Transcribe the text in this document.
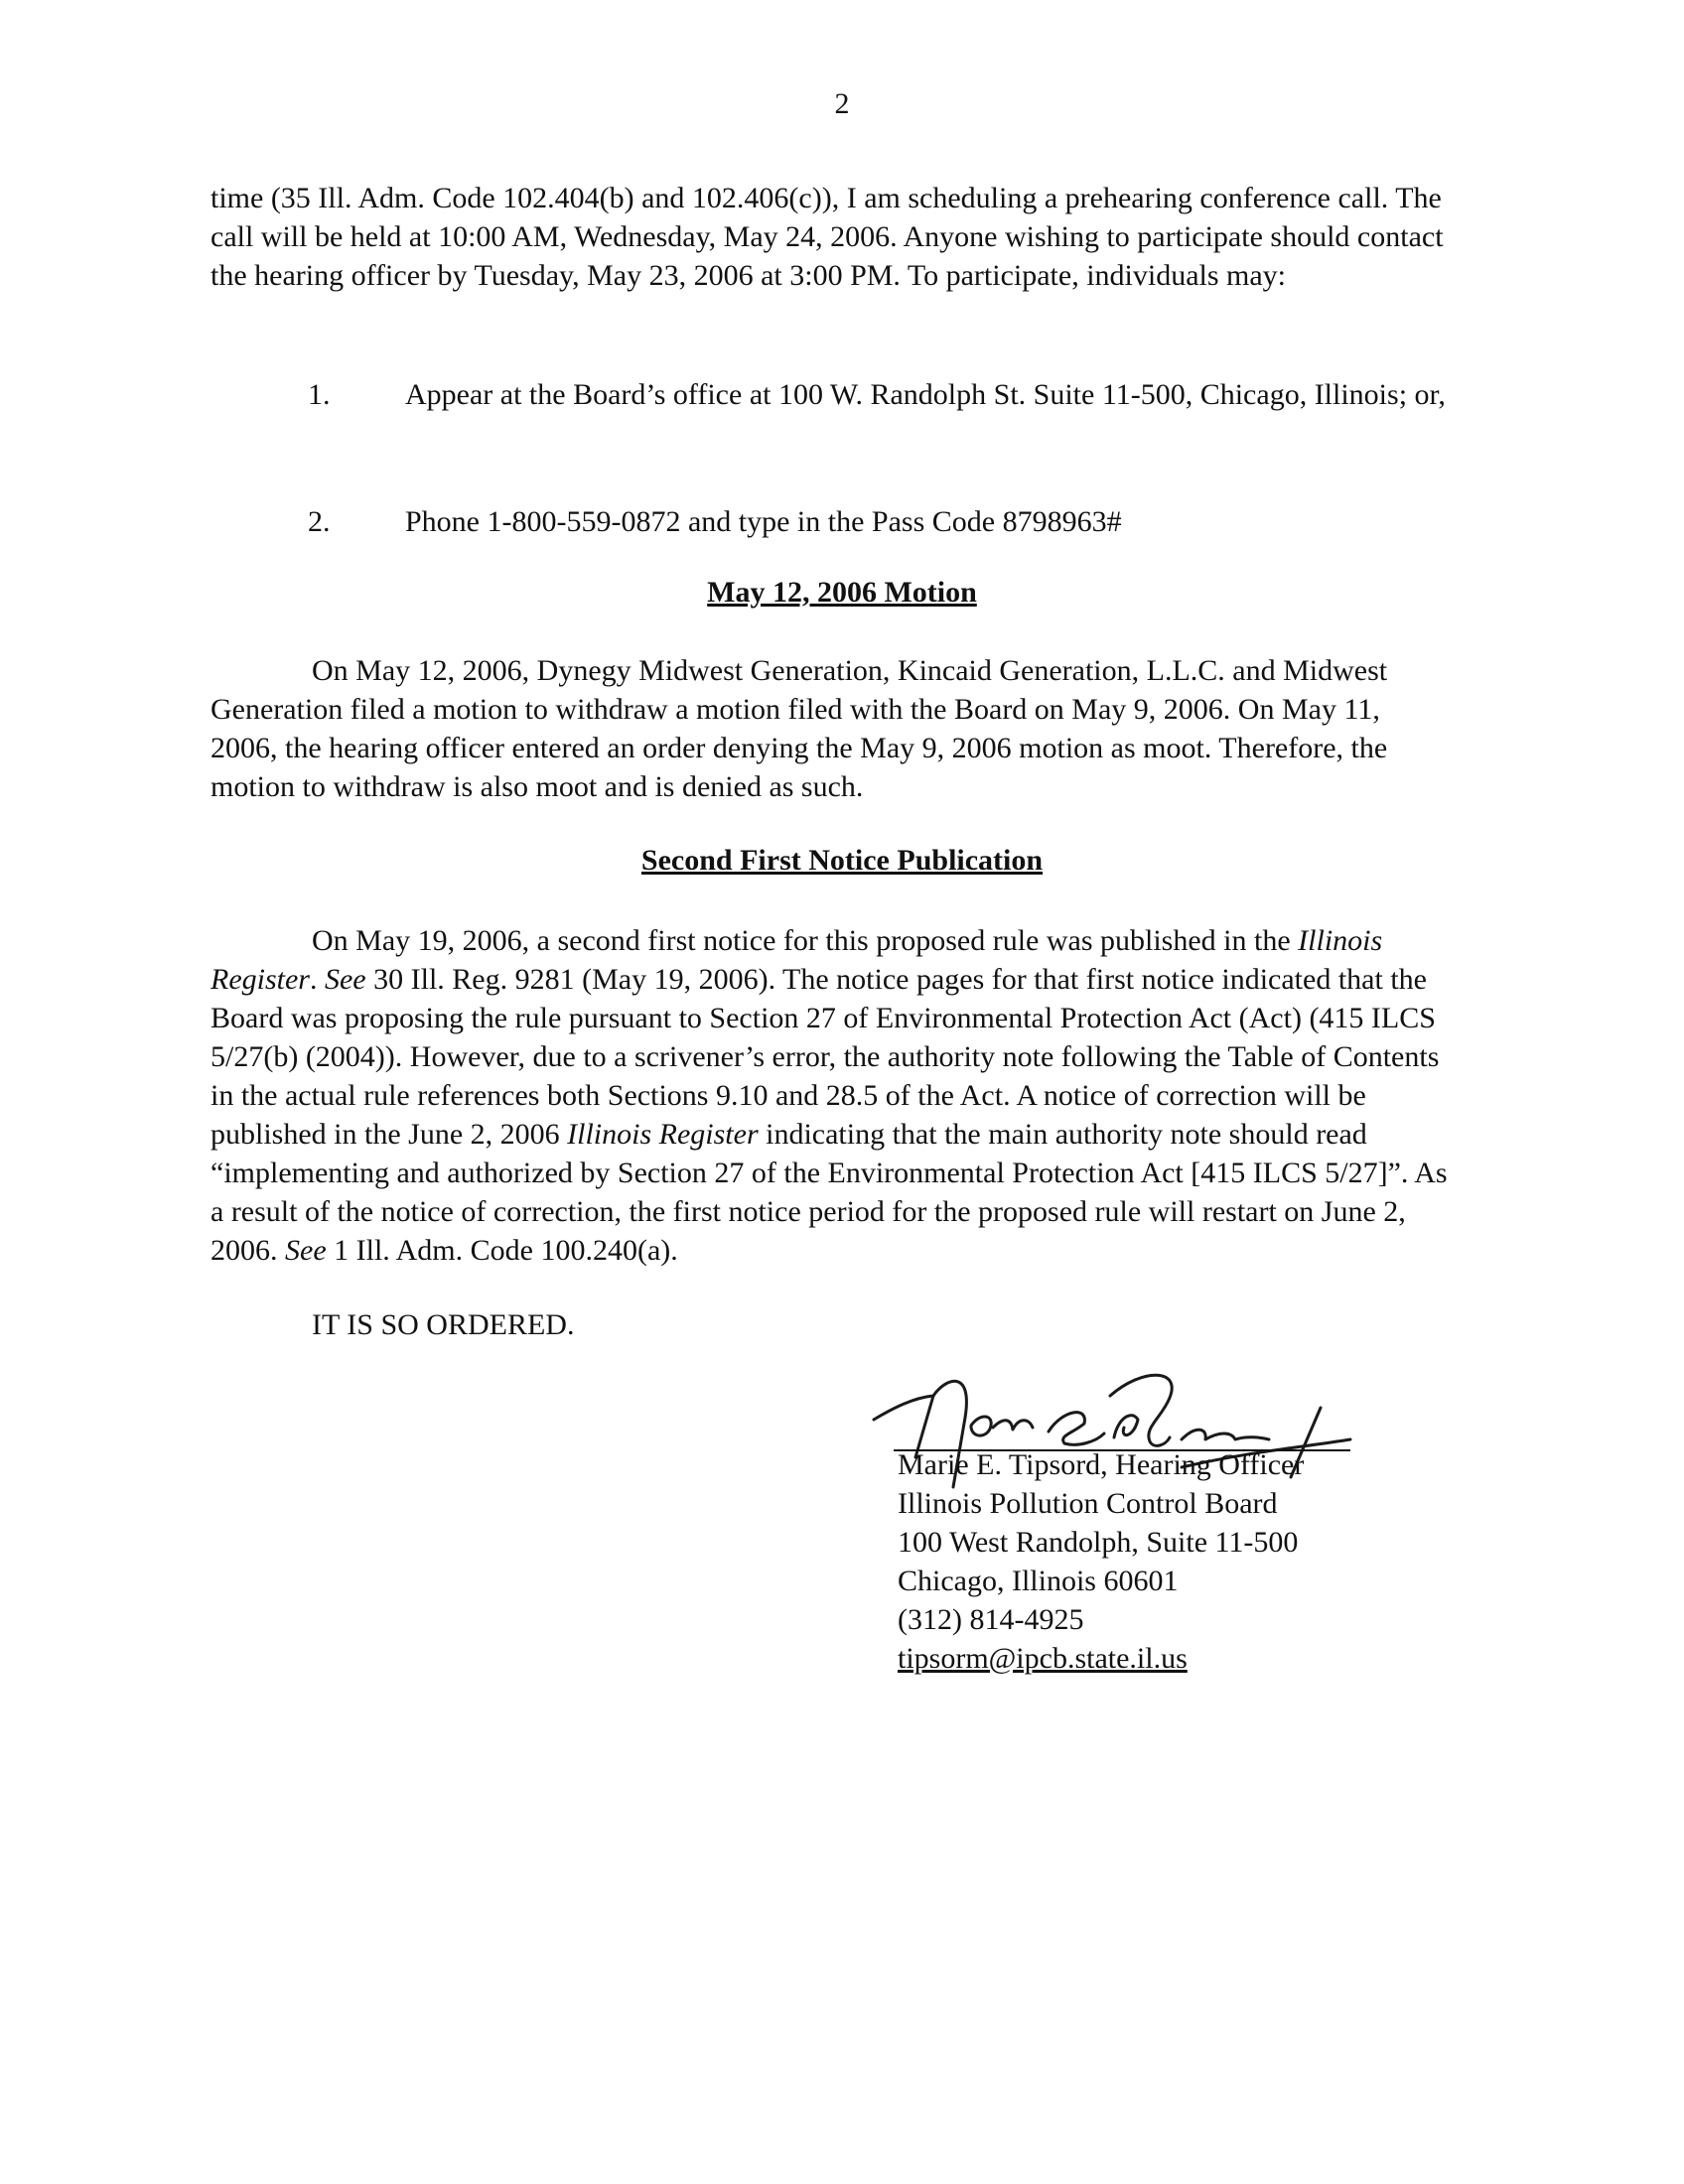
2

time (35 Ill. Adm. Code 102.404(b) and 102.406(c)), I am scheduling a prehearing conference call. The call will be held at 10:00 AM, Wednesday, May 24, 2006. Anyone wishing to participate should contact the hearing officer by Tuesday, May 23, 2006 at 3:00 PM. To participate, individuals may:

1.	Appear at the Board’s office at 100 W. Randolph St. Suite 11-500, Chicago, Illinois; or,
2.	Phone 1-800-559-0872 and type in the Pass Code 8798963#
May 12, 2006 Motion

On May 12, 2006, Dynegy Midwest Generation, Kincaid Generation, L.L.C. and Midwest Generation filed a motion to withdraw a motion filed with the Board on May 9, 2006. On May 11, 2006, the hearing officer entered an order denying the May 9, 2006 motion as moot. Therefore, the motion to withdraw is also moot and is denied as such.

Second First Notice Publication

On May 19, 2006, a second first notice for this proposed rule was published in the Illinois Register. See 30 Ill. Reg. 9281 (May 19, 2006). The notice pages for that first notice indicated that the Board was proposing the rule pursuant to Section 27 of Environmental Protection Act (Act) (415 ILCS 5/27(b) (2004)). However, due to a scrivener’s error, the authority note following the Table of Contents in the actual rule references both Sections 9.10 and 28.5 of the Act. A notice of correction will be published in the June 2, 2006 Illinois Register indicating that the main authority note should read “implementing and authorized by Section 27 of the Environmental Protection Act [415 ILCS 5/27]”. As a result of the notice of correction, the first notice period for the proposed rule will restart on June 2, 2006. See 1 Ill. Adm. Code 100.240(a).

IT IS SO ORDERED.
Marie E. Tipsord, Hearing Officer
Illinois Pollution Control Board
100 West Randolph, Suite 11-500
Chicago, Illinois 60601
(312) 814-4925
tipsorm@ipcb.state.il.us
